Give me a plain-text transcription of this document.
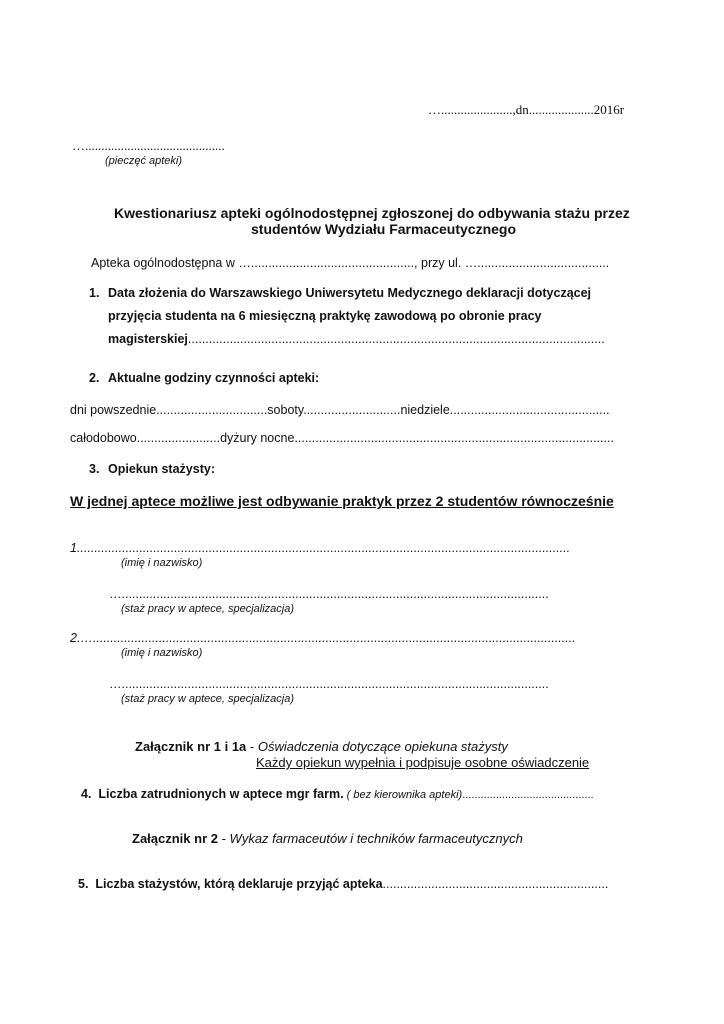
…......................,dn....................2016r
…...........................................
(pieczęć apteki)
Kwestionariusz apteki ogólnodostępnej zgłoszonej do odbywania stażu przez
studentów Wydziału Farmaceutycznego
Apteka ogólnodostępna w …..............................................., przy ul. …......................................
1. Data złożenia do Warszawskiego Uniwersytetu Medycznego deklaracji dotyczącej
przyjęcia studenta na 6 miesięczną praktykę zawodową po obronie pracy
magisterskiej........................................................................................................................
2. Aktualne godziny czynności apteki:
dni powszednie................................soboty............................niedziele..............................................
całodobowo........................dyżury nocne............................................................................................
3. Opiekun stażysty:
W jednej aptece możliwe jest odbywanie praktyk przez 2 studentów równocześnie
1..............................................................................................................................................
(imię i nazwisko)
…...........................................................................................................................
(staż pracy w aptece, specjalizacja)
2.…...........................................................................................................................................
(imię i nazwisko)
…...........................................................................................................................
(staż pracy w aptece, specjalizacja)
Załącznik nr 1 i 1a - Oświadczenia dotyczące opiekuna stażysty
Każdy opiekun wypełnia i podpisuje osobne oświadczenie
4. Liczba zatrudnionych w aptece mgr farm. ( bez kierownika apteki)...........................................
Załącznik nr 2 - Wykaz farmaceutów i techników farmaceutycznych
5. Liczba stażystów, którą deklaruje przyjąć apteka.................................................................
